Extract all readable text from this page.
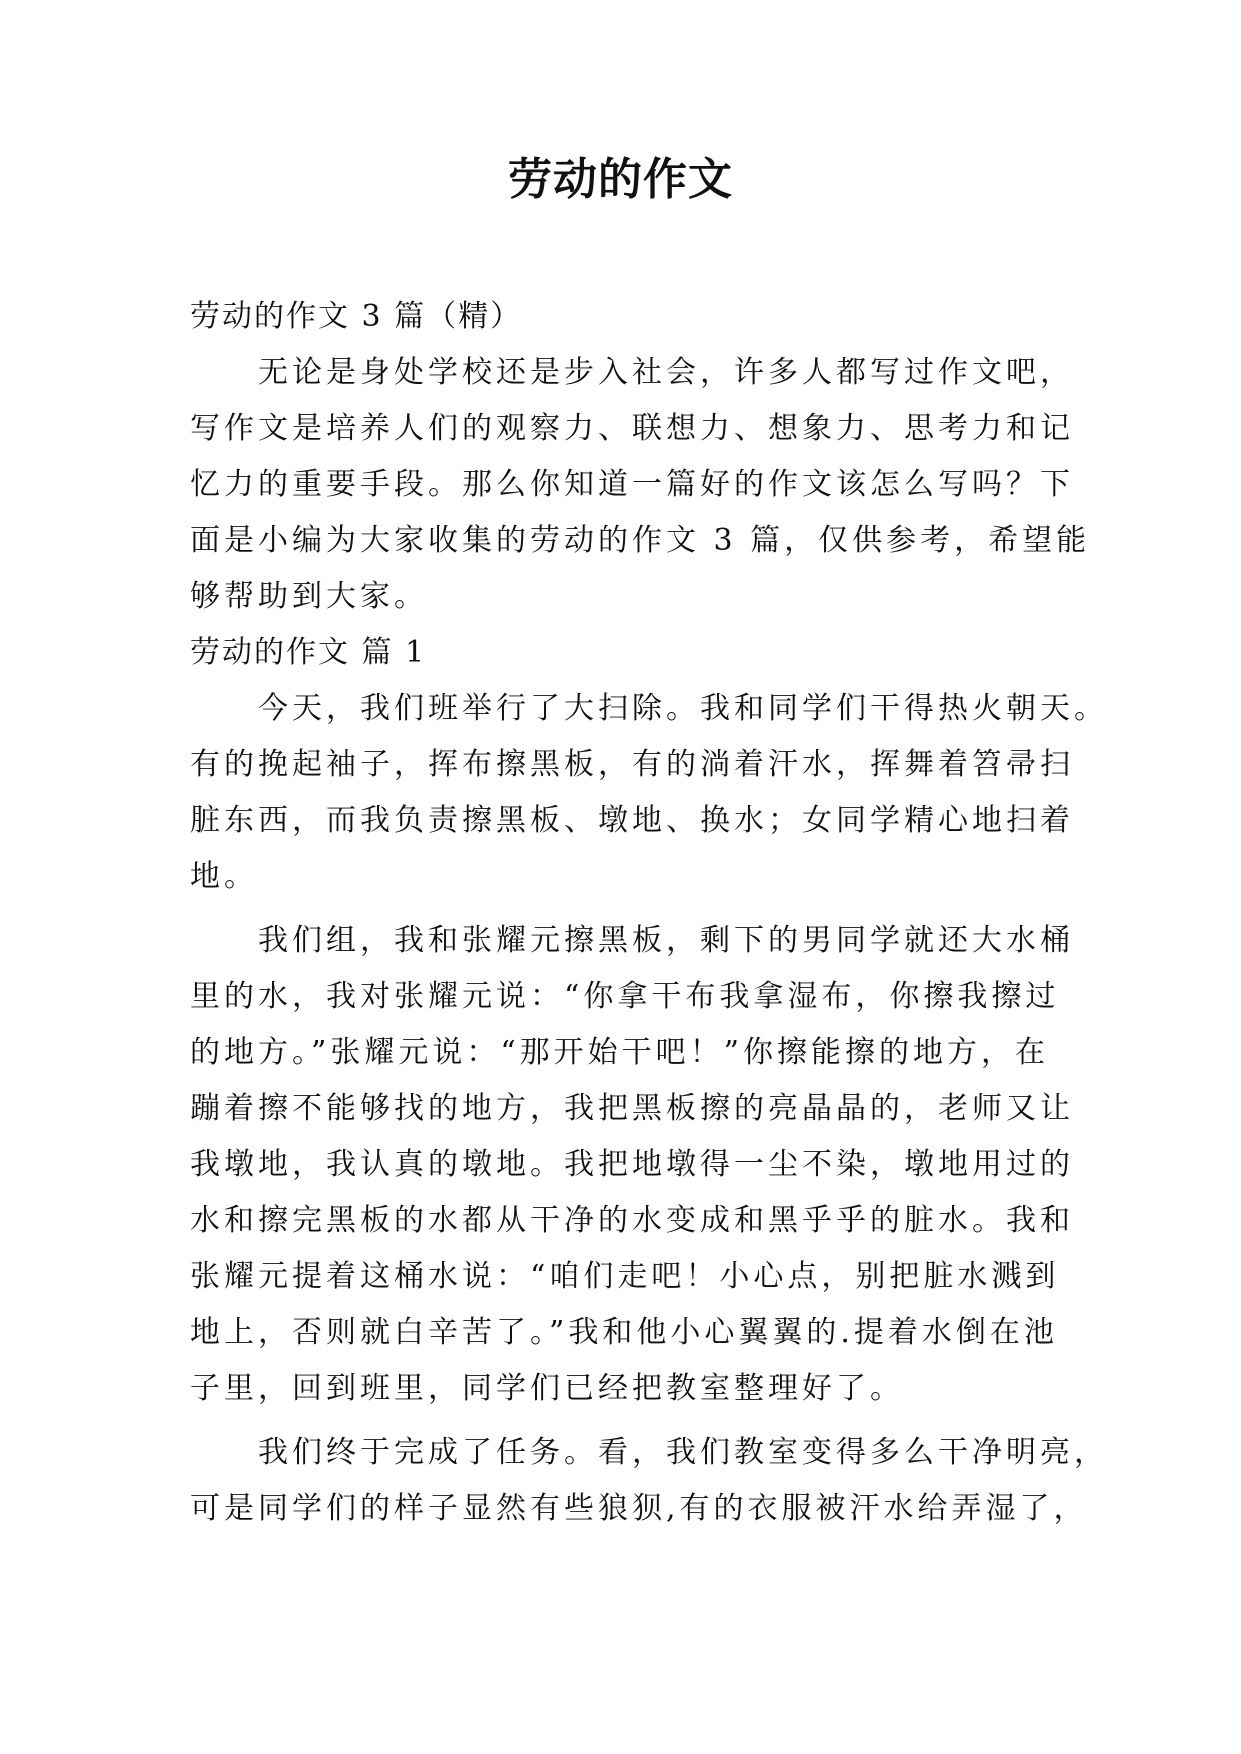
劳动的作文
劳动的作文 3 篇（精）
无论是身处学校还是步入社会，许多人都写过作文吧，
写作文是培养人们的观察力、联想力、想象力、思考力和记
忆力的重要手段。那么你知道一篇好的作文该怎么写吗？下
面是小编为大家收集的劳动的作文 3 篇，仅供参考，希望能
够帮助到大家。
劳动的作文 篇 1
今天，我们班举行了大扫除。我和同学们干得热火朝天。
有的挽起袖子，挥布擦黑板，有的淌着汗水，挥舞着笤帚扫
脏东西，而我负责擦黑板、墩地、换水；女同学精心地扫着
地。
我们组，我和张耀元擦黑板，剩下的男同学就还大水桶
里的水，我对张耀元说：“你拿干布我拿湿布，你擦我擦过
的地方。”张耀元说：“那开始干吧！”你擦能擦的地方，在
蹦着擦不能够找的地方，我把黑板擦的亮晶晶的，老师又让
我墩地，我认真的墩地。我把地墩得一尘不染，墩地用过的
水和擦完黑板的水都从干净的水变成和黑乎乎的脏水。我和
张耀元提着这桶水说：“咱们走吧！小心点，别把脏水溅到
地上，否则就白辛苦了。”我和他小心翼翼的.提着水倒在池
子里，回到班里，同学们已经把教室整理好了。
我们终于完成了任务。看，我们教室变得多么干净明亮，
可是同学们的样子显然有些狼狈,有的衣服被汗水给弄湿了，
